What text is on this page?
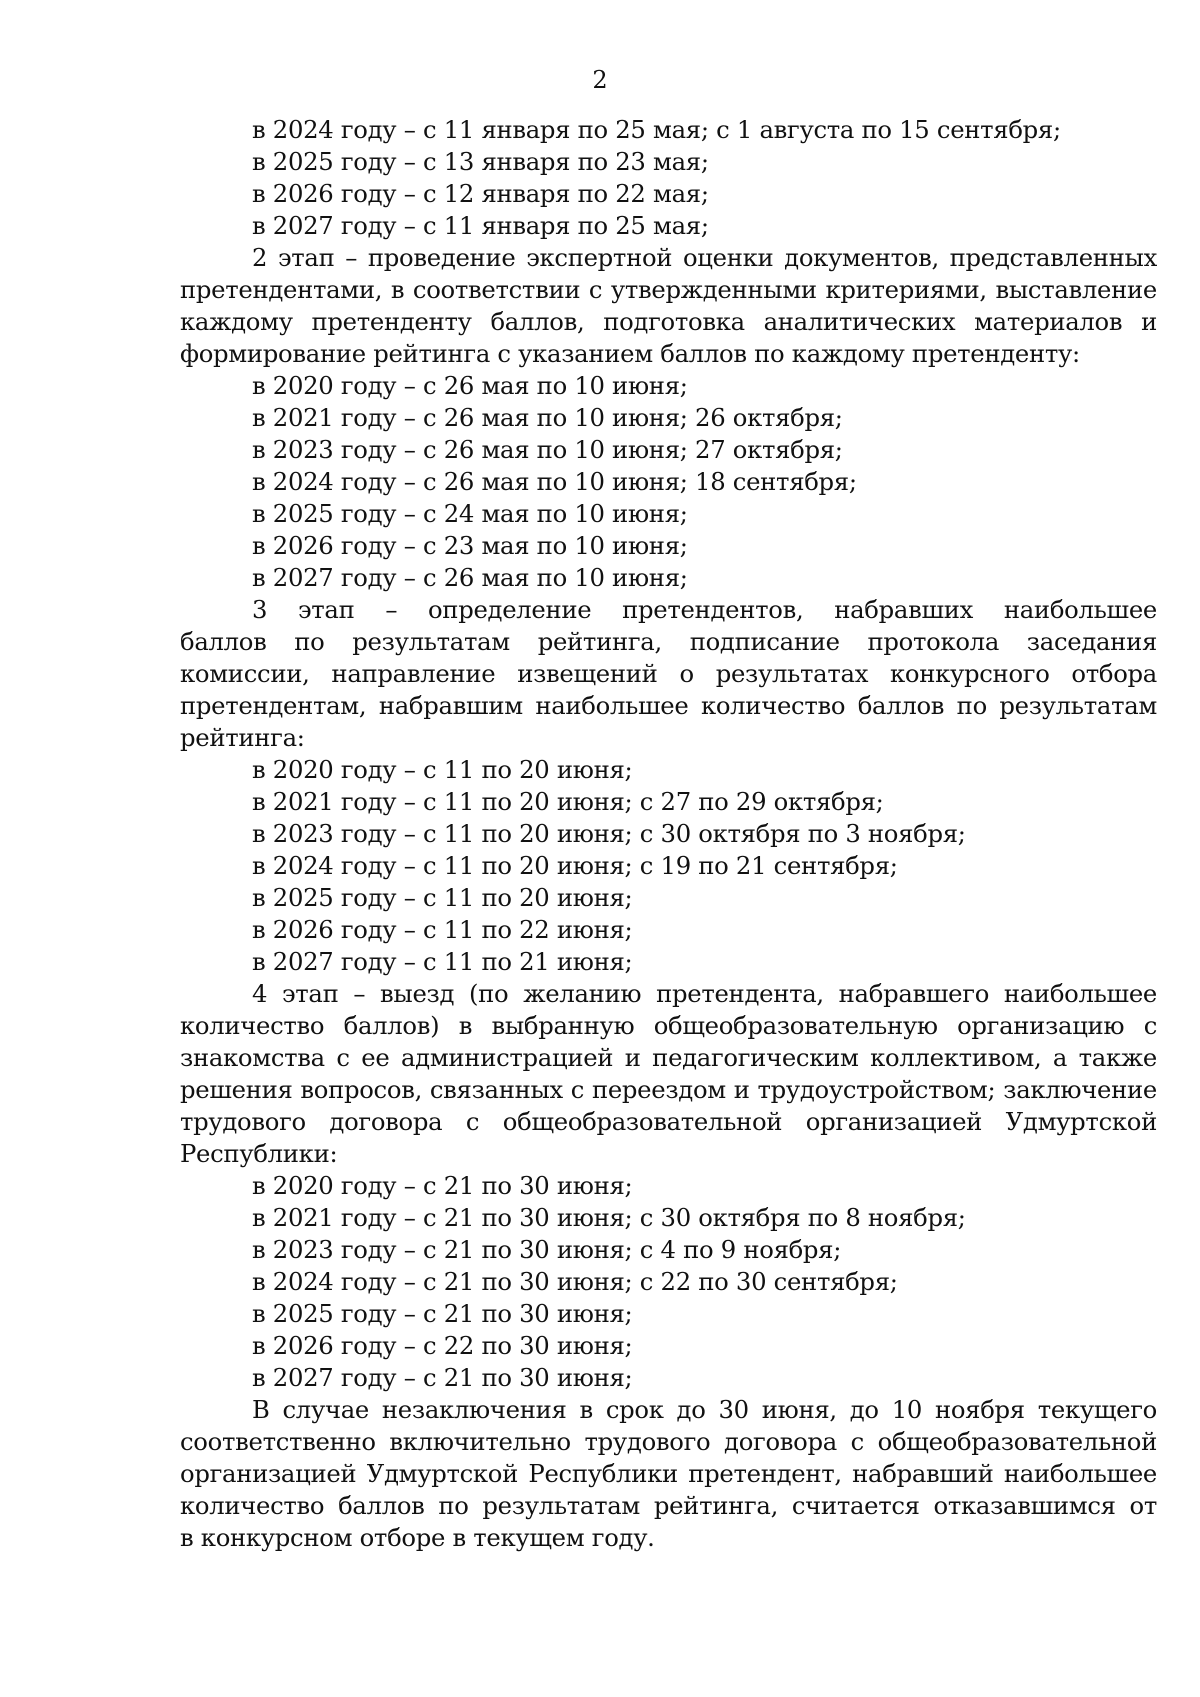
2
в 2024 году – с 11 января по 25 мая; с 1 августа по 15 сентября;
в 2025 году – с 13 января по 23 мая;
в 2026 году – с 12 января по 22 мая;
в 2027 году – с 11 января по 25 мая;
2 этап – проведение экспертной оценки документов, представленных
претендентами, в соответствии с утвержденными критериями, выставление
каждому претенденту баллов, подготовка аналитических материалов и
формирование рейтинга с указанием баллов по каждому претенденту:
в 2020 году – с 26 мая по 10 июня;
в 2021 году – с 26 мая по 10 июня; 26 октября;
в 2023 году – с 26 мая по 10 июня; 27 октября;
в 2024 году – с 26 мая по 10 июня; 18 сентября;
в 2025 году – с 24 мая по 10 июня;
в 2026 году – с 23 мая по 10 июня;
в 2027 году – с 26 мая по 10 июня;
3 этап – определение претендентов, набравших наибольшее
баллов по результатам рейтинга, подписание протокола заседания
комиссии, направление извещений о результатах конкурсного отбора
претендентам, набравшим наибольшее количество баллов по результатам
рейтинга:
в 2020 году – с 11 по 20 июня;
в 2021 году – с 11 по 20 июня; с 27 по 29 октября;
в 2023 году – с 11 по 20 июня; с 30 октября по 3 ноября;
в 2024 году – с 11 по 20 июня; с 19 по 21 сентября;
в 2025 году – с 11 по 20 июня;
в 2026 году – с 11 по 22 июня;
в 2027 году – с 11 по 21 июня;
4 этап – выезд (по желанию претендента, набравшего наибольшее
количество баллов) в выбранную общеобразовательную организацию с
знакомства с ее администрацией и педагогическим коллективом, а также
решения вопросов, связанных с переездом и трудоустройством; заключение
трудового договора с общеобразовательной организацией Удмуртской
Республики:
в 2020 году – с 21 по 30 июня;
в 2021 году – с 21 по 30 июня; с 30 октября по 8 ноября;
в 2023 году – с 21 по 30 июня; с 4 по 9 ноября;
в 2024 году – с 21 по 30 июня; с 22 по 30 сентября;
в 2025 году – с 21 по 30 июня;
в 2026 году – с 22 по 30 июня;
в 2027 году – с 21 по 30 июня;
В случае незаключения в срок до 30 июня, до 10 ноября текущего
соответственно включительно трудового договора с общеобразовательной
организацией Удмуртской Республики претендент, набравший наибольшее
количество баллов по результатам рейтинга, считается отказавшимся от
в конкурсном отборе в текущем году.
